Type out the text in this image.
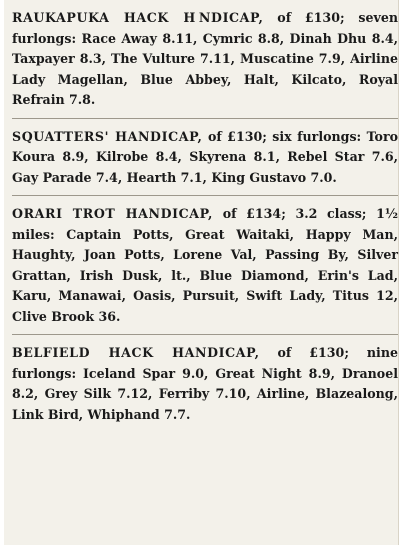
RAUKAPUKA HACK H NDICAP, of £130; seven furlongs: Race Away 8.11, Cymric 8.8, Dinah Dhu 8.4, Taxpayer 8.3, The Vulture 7.11, Muscatine 7.9, Airline Lady Magellan, Blue Abbey, Halt, Kilcato, Royal Refrain 7.8.

SQUATTERS' HANDICAP, of £130; six furlongs: Toro Koura 8.9, Kilrobe 8.4, Skyrena 8.1, Rebel Star 7.6, Gay Parade 7.4, Hearth 7.1, King Gustavo 7.0.

ORARI TROT HANDICAP, of £134; 3.2 class; 1½ miles: Captain Potts, Great Waitaki, Happy Man, Haughty, Joan Potts, Lorene Val, Passing By, Silver Grattan, Irish Dusk, lt., Blue Diamond, Erin's Lad, Karu, Manawai, Oasis, Pursuit, Swift Lady, Titus 12, Clive Brook 36.

BELFIELD HACK HANDICAP, of £130; nine furlongs: Iceland Spar 9.0, Great Night 8.9, Dranoel 8.2, Grey Silk 7.12, Ferriby 7.10, Airline, Blazealong, Link Bird, Whiphand 7.7.
